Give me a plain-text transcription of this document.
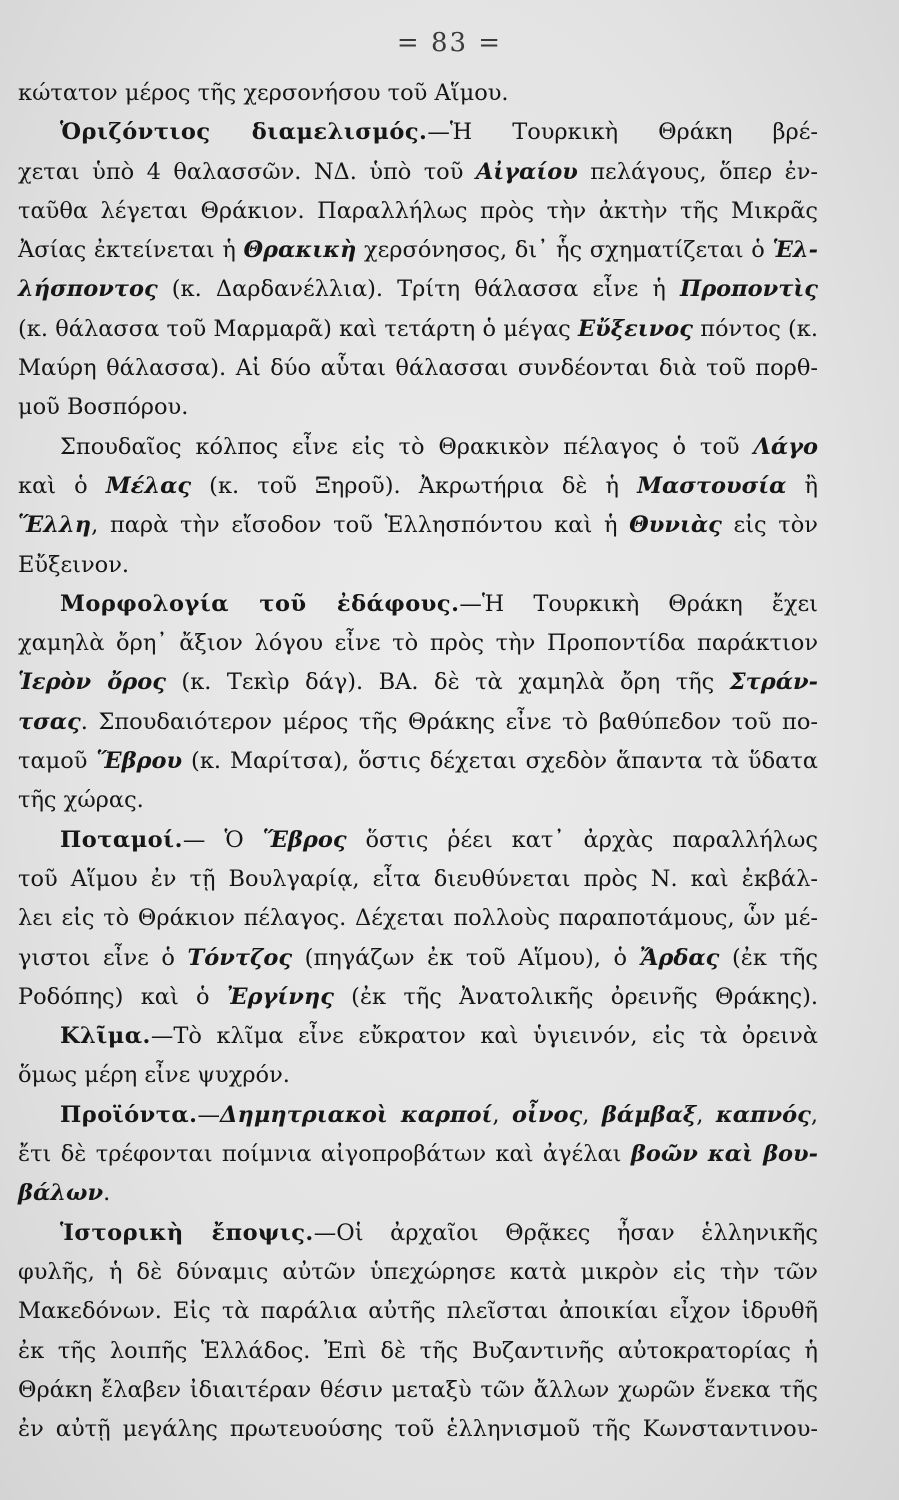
= 83 =
κώτατον μέρος τῆς χερσονήσου τοῦ Αἵμου.
Ὁριζόντιος διαμελισμός.—Ἡ Τουρκικὴ Θράκη βρέ-
χεται ὑπὸ 4 θαλασσῶν. ΝΔ. ὑπὸ τοῦ Αἰγαίου πελάγους, ὅπερ ἐν-
ταῦθα λέγεται Θράκιον. Παραλλήλως πρὸς τὴν ἀκτὴν τῆς Μικρᾶς
Ἀσίας ἐκτείνεται ἡ Θρακικὴ χερσόνησος, δι᾽ ἧς σχηματίζεται ὁ Ἑλ-
λήσποντος (κ. Δαρδανέλλια). Τρίτη θάλασσα εἶνε ἡ Προποντὶς
(κ. θάλασσα τοῦ Μαρμαρᾶ) καὶ τετάρτη ὁ μέγας Εὔξεινος πόντος (κ.
Μαύρη θάλασσα). Αἱ δύο αὗται θάλασσαι συνδέονται διὰ τοῦ πορθ-
μοῦ Βοσπόρου.
Σπουδαῖος κόλπος εἶνε εἰς τὸ Θρακικὸν πέλαγος ὁ τοῦ Λάγο
καὶ ὁ Μέλας (κ. τοῦ Ξηροῦ). Ἀκρωτήρια δὲ ἡ Μαστουσία ἢ
Ἕλλη, παρὰ τὴν εἴσοδον τοῦ Ἑλλησπόντου καὶ ἡ Θυνιὰς εἰς τὸν
Εὔξεινον.
Μορφολογία τοῦ ἐδάφους.—Ἡ Τουρκικὴ Θράκη ἔχει
χαμηλὰ ὄρη᾽ ἄξιον λόγου εἶνε τὸ πρὸς τὴν Προποντίδα παράκτιον
Ἱερὸν ὄρος (κ. Τεκὶρ δάγ). ΒΑ. δὲ τὰ χαμηλὰ ὄρη τῆς Στράν-
τσας. Σπουδαιότερον μέρος τῆς Θράκης εἶνε τὸ βαθύπεδον τοῦ πο-
ταμοῦ Ἕβρου (κ. Μαρίτσα), ὅστις δέχεται σχεδὸν ἅπαντα τὰ ὕδατα
τῆς χώρας.
Ποταμοί.— Ὁ Ἕβρος ὅστις ῥέει κατ᾽ ἀρχὰς παραλλήλως
τοῦ Αἵμου ἐν τῇ Βουλγαρίᾳ, εἶτα διευθύνεται πρὸς Ν. καὶ ἐκβάλ-
λει εἰς τὸ Θράκιον πέλαγος. Δέχεται πολλοὺς παραποτάμους, ὧν μέ-
γιστοι εἶνε ὁ Τόντζος (πηγάζων ἐκ τοῦ Αἵμου), ὁ Ἄρδας (ἐκ τῆς
Ροδόπης) καὶ ὁ Ἐργίνης (ἐκ τῆς Ἀνατολικῆς ὀρεινῆς Θράκης).
Κλῖμα.—Τὸ κλῖμα εἶνε εὔκρατον καὶ ὑγιεινόν, εἰς τὰ ὀρεινὰ
ὅμως μέρη εἶνε ψυχρόν.
Προϊόντα.—Δημητριακοὶ καρποί, οἶνος, βάμβαξ, καπνός,
ἔτι δὲ τρέφονται ποίμνια αἰγοπροβάτων καὶ ἀγέλαι βοῶν καὶ βου-
βάλων.
Ἱστορικὴ ἔποψις.—Οἱ ἀρχαῖοι Θρᾷκες ἦσαν ἑλληνικῆς
φυλῆς, ἡ δὲ δύναμις αὐτῶν ὑπεχώρησε κατὰ μικρὸν εἰς τὴν τῶν
Μακεδόνων. Εἰς τὰ παράλια αὐτῆς πλεῖσται ἀποικίαι εἶχον ἱδρυθῆ
ἐκ τῆς λοιπῆς Ἑλλάδος. Ἐπὶ δὲ τῆς Βυζαντινῆς αὐτοκρατορίας ἡ
Θράκη ἔλαβεν ἰδιαιτέραν θέσιν μεταξὺ τῶν ἄλλων χωρῶν ἕνεκα τῆς
ἐν αὐτῇ μεγάλης πρωτευούσης τοῦ ἑλληνισμοῦ τῆς Κωνσταντινου-
